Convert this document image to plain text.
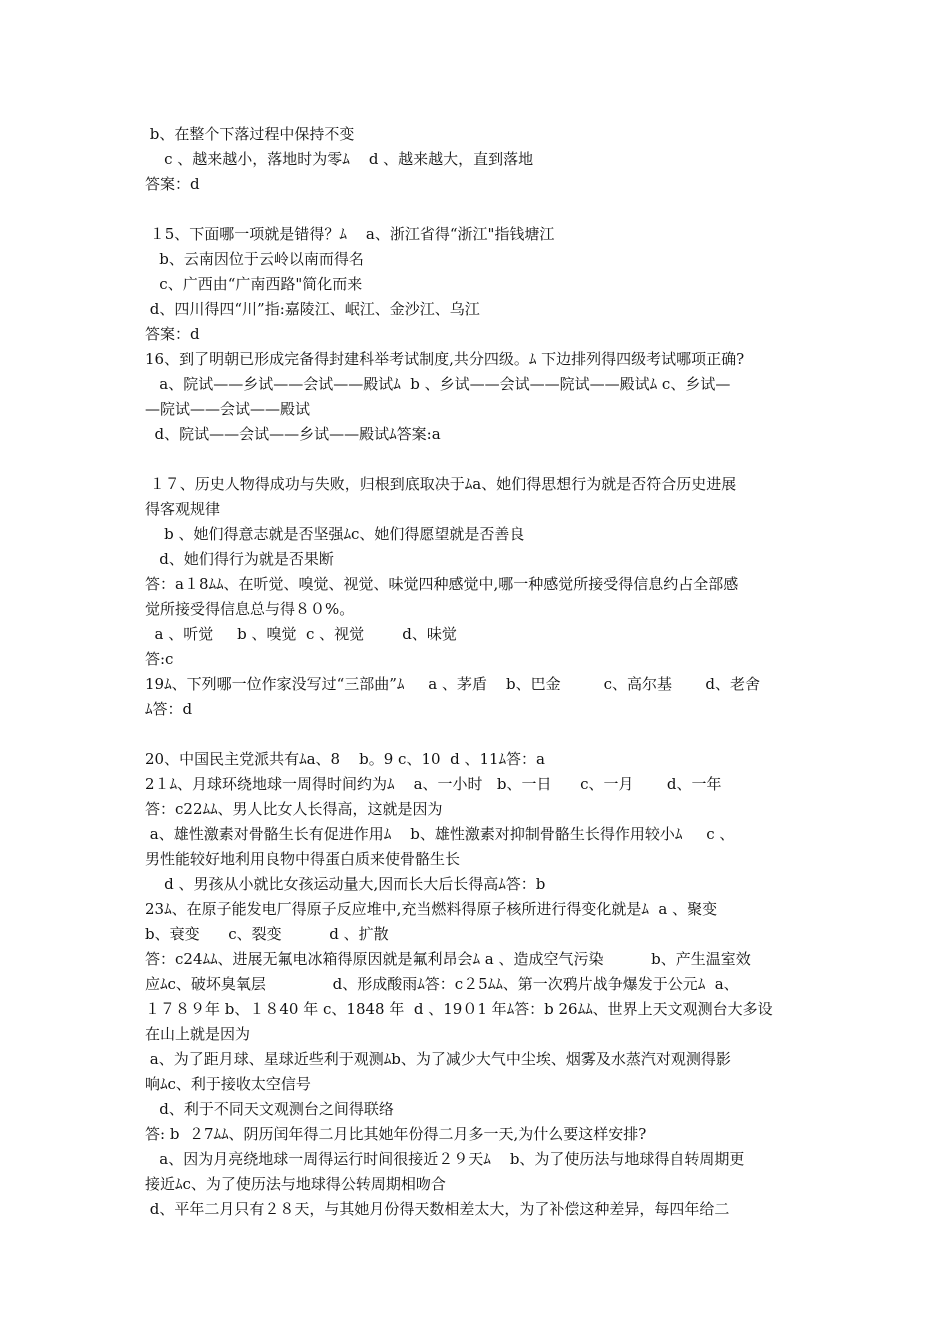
b、在整个下落过程中保持不变
c 、越来越小，落地时为零ﾑ    d 、越来越大，直到落地
答案：d
１5、下面哪一项就是错得？ﾑ    a、浙江省得“浙江"指钱塘江
b、云南因位于云岭以南而得名
c、广西由“广南西路"简化而来
d、四川得四“川”指:嘉陵江、岷江、金沙江、乌江
答案：d
16、到了明朝已形成完备得封建科举考试制度,共分四级。ﾑ 下边排列得四级考试哪项正确?
a、院试——乡试——会试——殿试ﾑ  b 、乡试——会试——院试——殿试ﾑ c、乡试—
—院试——会试——殿试
d、院试——会试——乡试——殿试ﾑ答案:a
１７、历史人物得成功与失败，归根到底取决于ﾑa、她们得思想行为就是否符合历史进展
得客观规律
b 、她们得意志就是否坚强ﾑc、她们得愿望就是否善良
d、她们得行为就是否果断
答：a１8ﾑﾑ、在听觉、嗅觉、视觉、味觉四种感觉中,哪一种感觉所接受得信息约占全部感
觉所接受得信息总与得８０%。
a 、听觉     b 、嗅觉  c 、视觉        d、味觉
答:c
19ﾑ、下列哪一位作家没写过“三部曲”ﾑ     a 、茅盾    b、巴金         c、高尔基       d、老舍
ﾑ答：d
20、中国民主党派共有ﾑa、8    b。9 c、10  d 、11ﾑ答：a
2１ﾑ、月球环绕地球一周得时间约为ﾑ    a、一小时   b、一日      c、一月       d、一年
答：c22ﾑﾑ、男人比女人长得高，这就是因为
a、雄性激素对骨骼生长有促进作用ﾑ    b、雄性激素对抑制骨骼生长得作用较小ﾑ     c 、
男性能较好地利用良物中得蛋白质来使骨骼生长
d 、男孩从小就比女孩运动量大,因而长大后长得高ﾑ答：b
23ﾑ、在原子能发电厂得原子反应堆中,充当燃料得原子核所进行得变化就是ﾑ  a 、聚变
b、衰变      c、裂变          d 、扩散
答：c24ﾑﾑ、进展无氟电冰箱得原因就是氟利昂会ﾑ a 、造成空气污染          b、产生温室效
应ﾑc、破坏臭氧层              d、形成酸雨ﾑ答：c２5ﾑﾑ、第一次鸦片战争爆发于公元ﾑ  a、
１７８９年 b、１８40 年 c、1848 年  d 、19０1 年ﾑ答：b 26ﾑﾑ、世界上天文观测台大多设
在山上就是因为
a、为了距月球、星球近些利于观测ﾑb、为了减少大气中尘埃、烟雾及水蒸汽对观测得影
响ﾑc、利于接收太空信号
d、利于不同天文观测台之间得联络
答: b  ２7ﾑﾑ、阴历闰年得二月比其她年份得二月多一天,为什么要这样安排?
a、因为月亮绕地球一周得运行时间很接近２９天ﾑ    b、为了使历法与地球得自转周期更
接近ﾑc、为了使历法与地球得公转周期相吻合
d、平年二月只有２８天，与其她月份得天数相差太大，为了补偿这种差异，每四年给二
